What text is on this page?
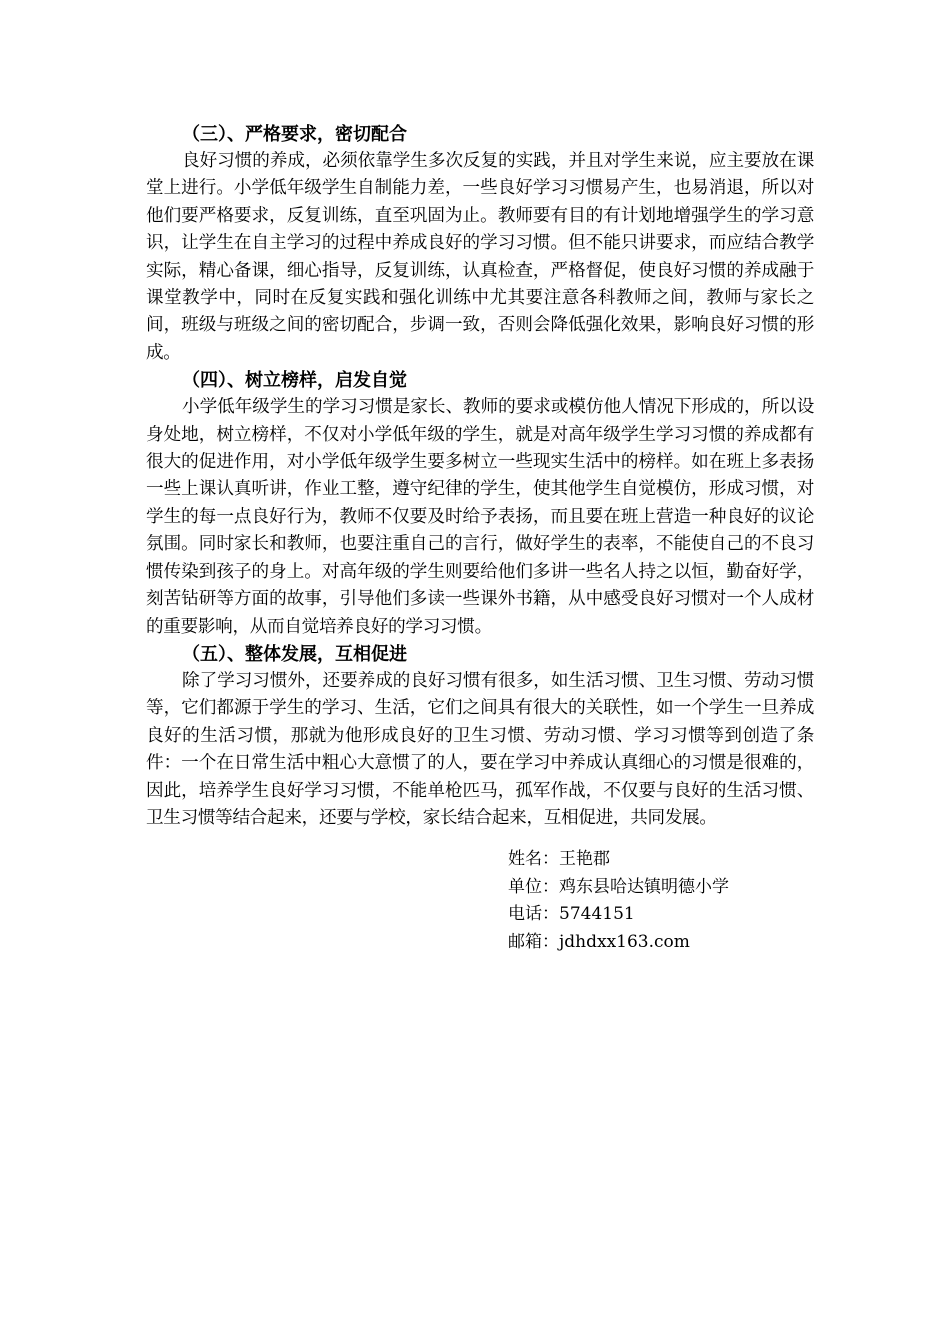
（三）、严格要求，密切配合

良好习惯的养成，必须依靠学生多次反复的实践，并且对学生来说，应主要放在课堂上进行。小学低年级学生自制能力差，一些良好学习习惯易产生，也易消退，所以对他们要严格要求，反复训练，直至巩固为止。教师要有目的有计划地增强学生的学习意识，让学生在自主学习的过程中养成良好的学习习惯。但不能只讲要求，而应结合教学实际，精心备课，细心指导，反复训练，认真检查，严格督促，使良好习惯的养成融于课堂教学中，同时在反复实践和强化训练中尤其要注意各科教师之间，教师与家长之间，班级与班级之间的密切配合，步调一致，否则会降低强化效果，影响良好习惯的形成。

（四）、树立榜样，启发自觉

小学低年级学生的学习习惯是家长、教师的要求或模仿他人情况下形成的，所以设身处地，树立榜样，不仅对小学低年级的学生，就是对高年级学生学习习惯的养成都有很大的促进作用，对小学低年级学生要多树立一些现实生活中的榜样。如在班上多表扬一些上课认真听讲，作业工整，遵守纪律的学生，使其他学生自觉模仿，形成习惯，对学生的每一点良好行为，教师不仅要及时给予表扬，而且要在班上营造一种良好的议论氛围。同时家长和教师，也要注重自己的言行，做好学生的表率，不能使自己的不良习惯传染到孩子的身上。对高年级的学生则要给他们多讲一些名人持之以恒，勤奋好学，刻苦钻研等方面的故事，引导他们多读一些课外书籍，从中感受良好习惯对一个人成材的重要影响，从而自觉培养良好的学习习惯。

（五）、整体发展，互相促进

除了学习习惯外，还要养成的良好习惯有很多，如生活习惯、卫生习惯、劳动习惯等，它们都源于学生的学习、生活，它们之间具有很大的关联性，如一个学生一旦养成良好的生活习惯，那就为他形成良好的卫生习惯、劳动习惯、学习习惯等到创造了条件：一个在日常生活中粗心大意惯了的人，要在学习中养成认真细心的习惯是很难的，因此，培养学生良好学习习惯，不能单枪匹马，孤军作战，不仅要与良好的生活习惯、卫生习惯等结合起来，还要与学校，家长结合起来，互相促进，共同发展。

姓名：王艳郡
单位：鸡东县哈达镇明德小学
电话：5744151
邮箱：jdhdxx163.com
